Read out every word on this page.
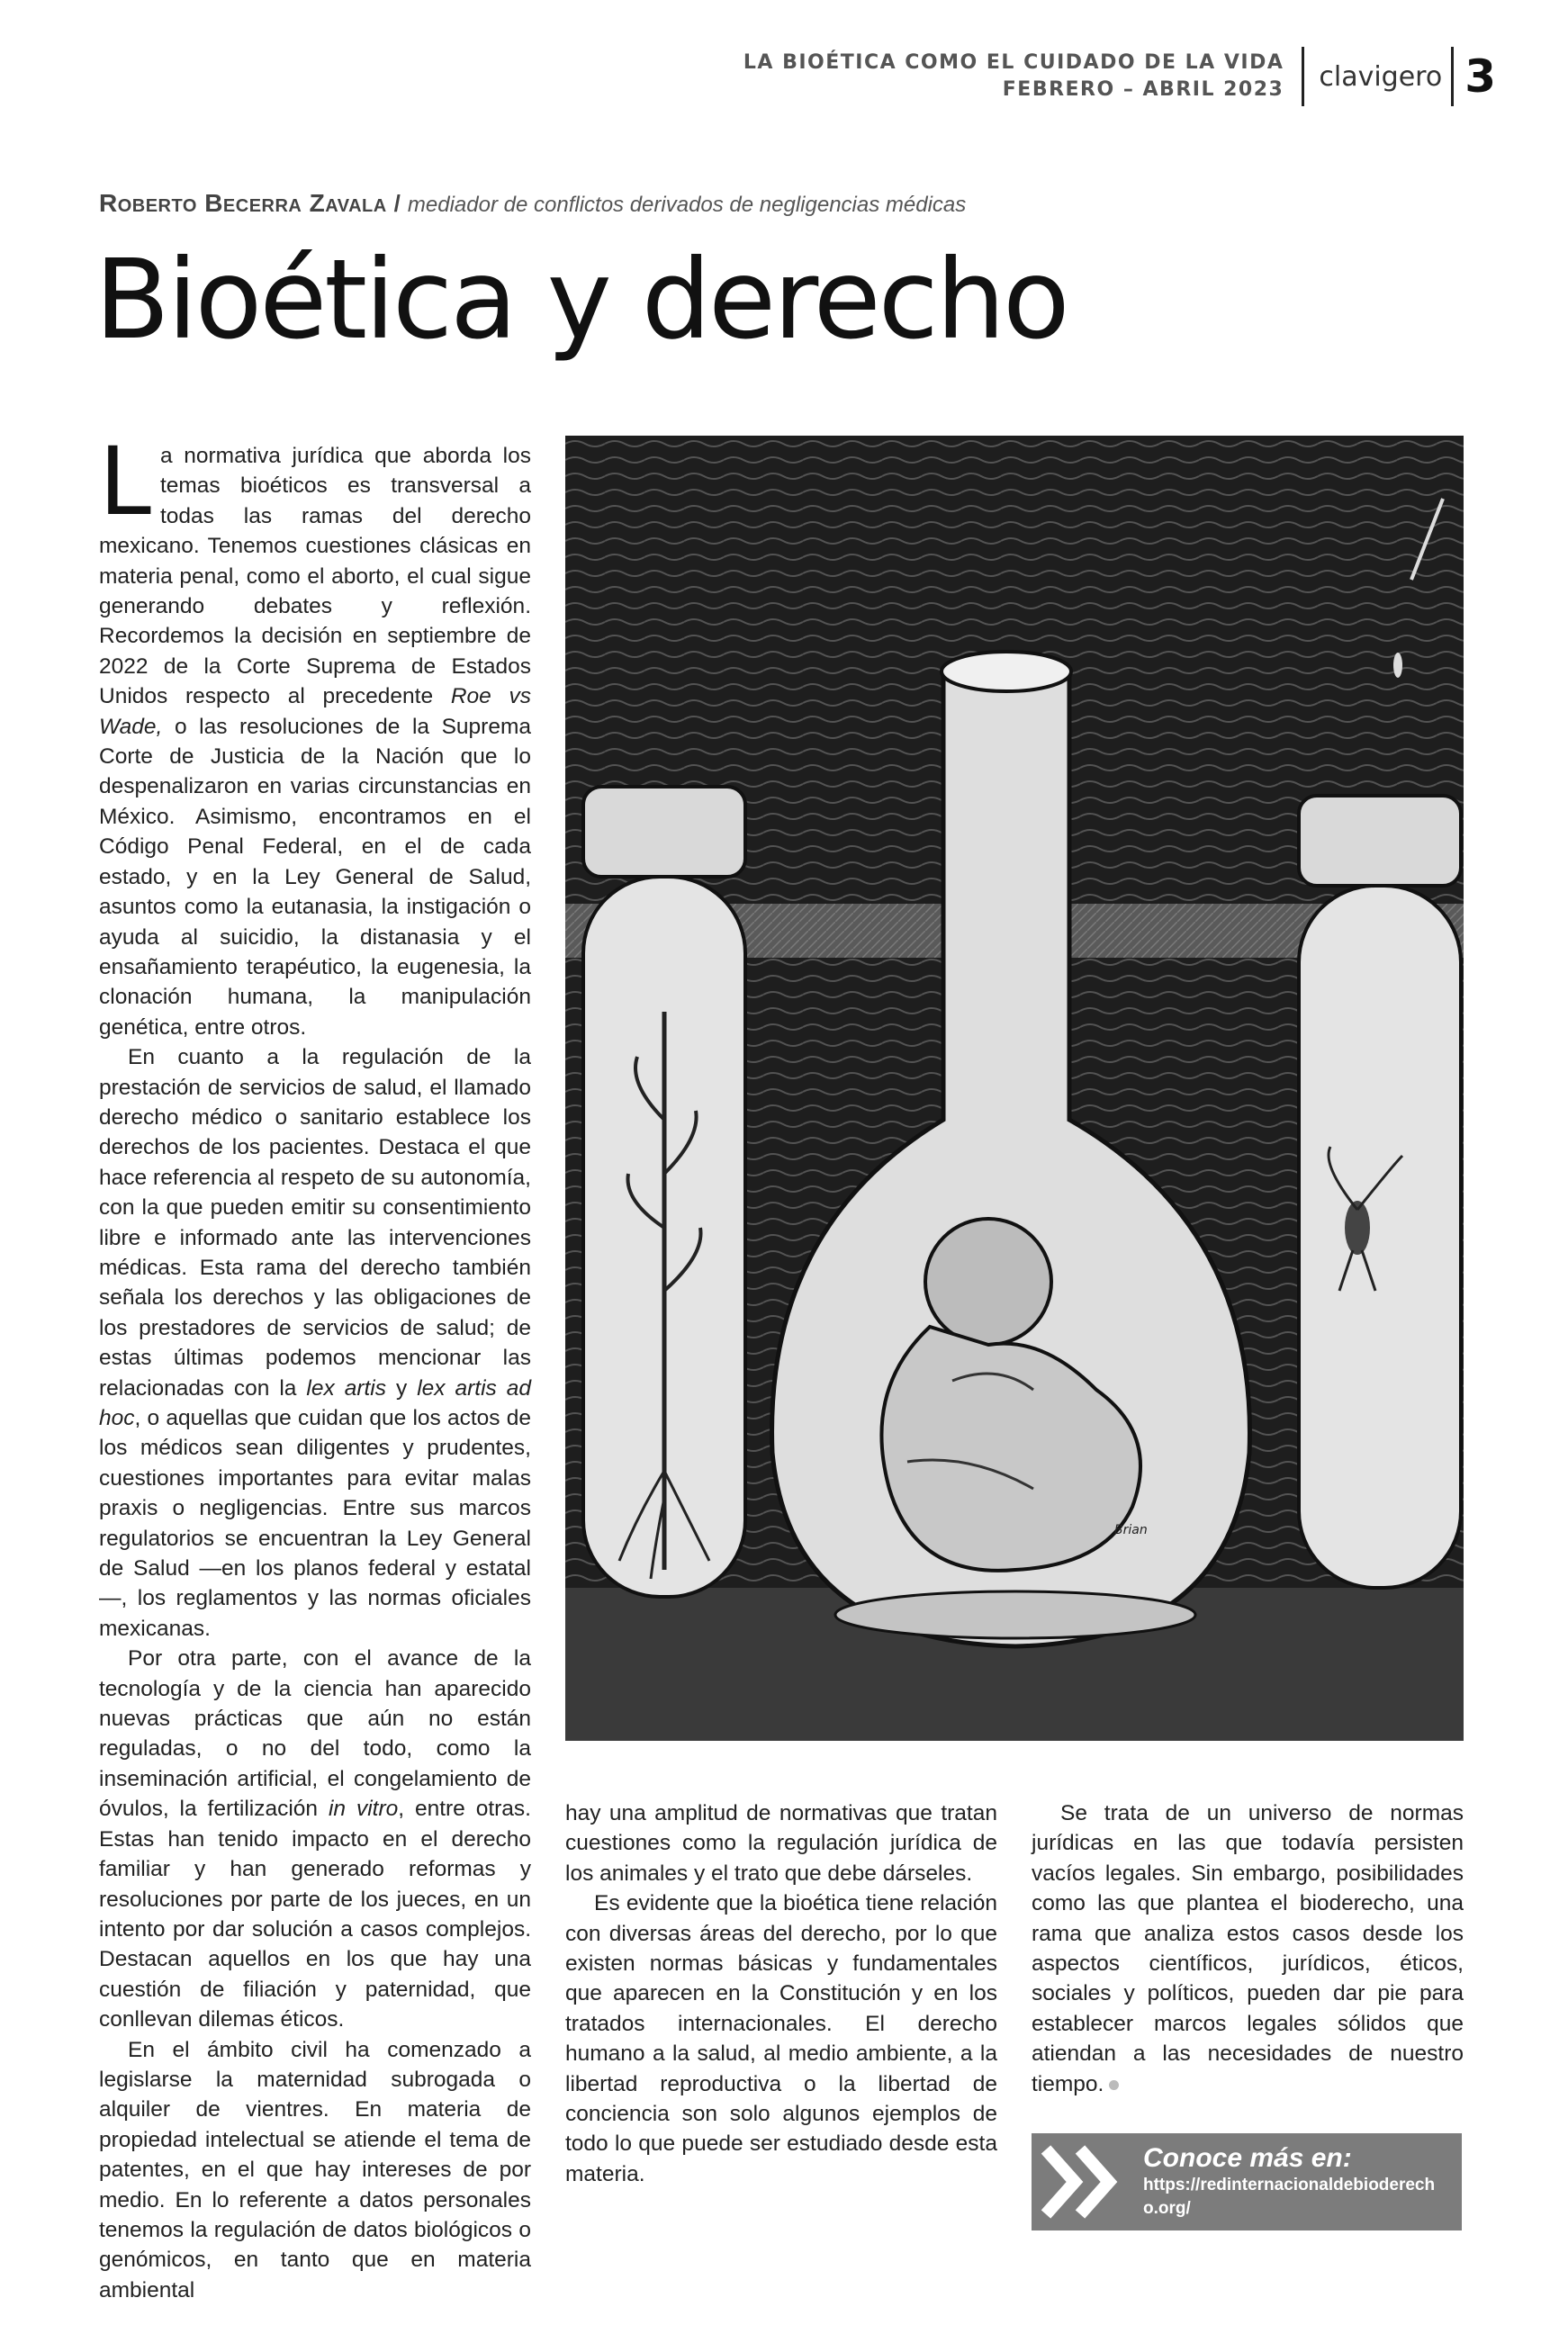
LA BIOÉTICA COMO EL CUIDADO DE LA VIDA
FEBRERO – ABRIL 2023 clavigero 3
Roberto Becerra Zavala / mediador de conflictos derivados de negligencias médicas
Bioética y derecho

La normativa jurídica que aborda los temas bioéticos es transversal a todas las ramas del derecho mexicano. Tenemos cuestiones clásicas en materia penal, como el aborto, el cual sigue generando debates y reflexión. Recordemos la decisión en septiembre de 2022 de la Corte Suprema de Estados Unidos respecto al precedente Roe vs Wade, o las resoluciones de la Suprema Corte de Justicia de la Nación que lo despenalizaron en varias circunstancias en México. Asimismo, encontramos en el Código Penal Federal, en el de cada estado, y en la Ley General de Salud, asuntos como la eutanasia, la instigación o ayuda al suicidio, la distanasia y el ensañamiento terapéutico, la eugenesia, la clonación humana, la manipulación genética, entre otros.

En cuanto a la regulación de la prestación de servicios de salud, el llamado derecho médico o sanitario establece los derechos de los pacientes. Destaca el que hace referencia al respeto de su autonomía, con la que pueden emitir su consentimiento libre e informado ante las intervenciones médicas. Esta rama del derecho también señala los derechos y las obligaciones de los prestadores de servicios de salud; de estas últimas podemos mencionar las relacionadas con la lex artis y lex artis ad hoc, o aquellas que cuidan que los actos de los médicos sean diligentes y prudentes, cuestiones importantes para evitar malas praxis o negligencias. Entre sus marcos regulatorios se encuentran la Ley General de Salud —en los planos federal y estatal—, los reglamentos y las normas oficiales mexicanas.

Por otra parte, con el avance de la tecnología y de la ciencia han aparecido nuevas prácticas que aún no están reguladas, o no del todo, como la inseminación artificial, el congelamiento de óvulos, la fertilización in vitro, entre otras. Estas han tenido impacto en el derecho familiar y han generado reformas y resoluciones por parte de los jueces, en un intento por dar solución a casos complejos. Destacan aquellos en los que hay una cuestión de filiación y paternidad, que conllevan dilemas éticos.

En el ámbito civil ha comenzado a legislarse la maternidad subrogada o alquiler de vientres. En materia de propiedad intelectual se atiende el tema de patentes, en el que hay intereses de por medio. En lo referente a datos personales tenemos la regulación de datos biológicos o genómicos, en tanto que en materia ambiental

Brian

hay una amplitud de normativas que tratan cuestiones como la regulación jurídica de los animales y el trato que debe dárseles.

Es evidente que la bioética tiene relación con diversas áreas del derecho, por lo que existen normas básicas y fundamentales que aparecen en la Constitución y en los tratados internacionales. El derecho humano a la salud, al medio ambiente, a la libertad reproductiva o la libertad de conciencia son solo algunos ejemplos de todo lo que puede ser estudiado desde esta materia.

Se trata de un universo de normas jurídicas en las que todavía persisten vacíos legales. Sin embargo, posibilidades como las que plantea el bioderecho, una rama que analiza estos casos desde los aspectos científicos, jurídicos, éticos, sociales y políticos, pueden dar pie para establecer marcos legales sólidos que atiendan a las necesidades de nuestro tiempo.

Conoce más en:
https://redinternacionaldebioderecho.org/
